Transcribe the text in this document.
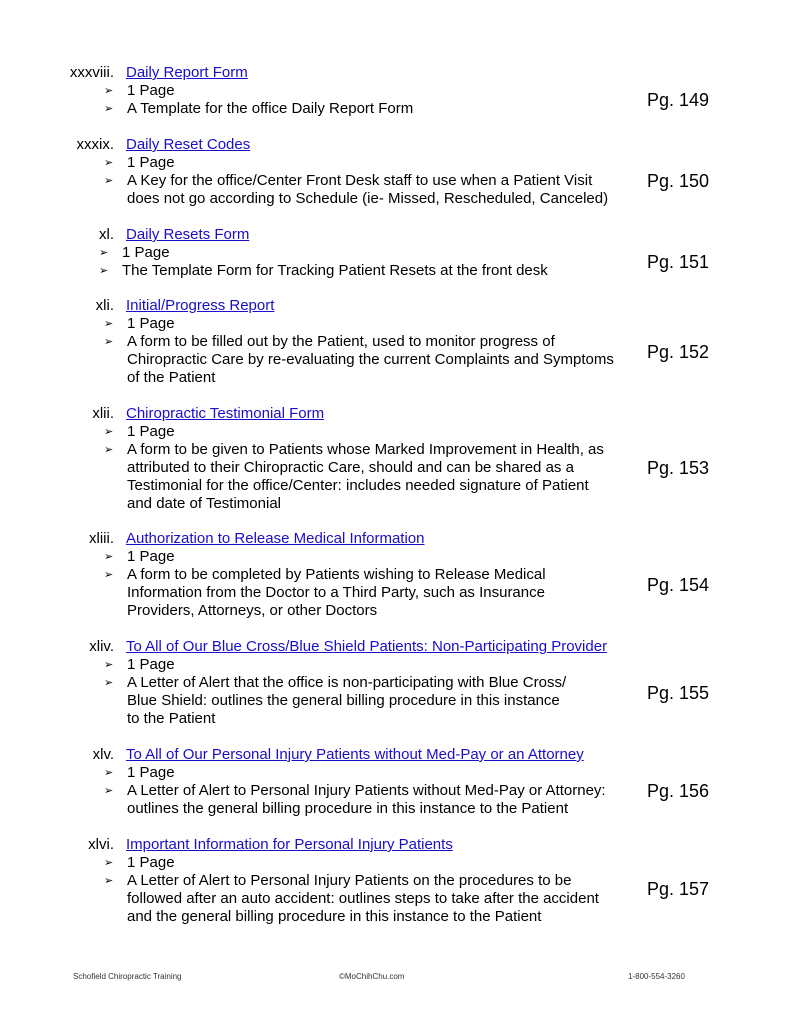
xxxviii. Daily Report Form
➢ 1 Page
➢ A Template for the office Daily Report Form	Pg. 149
xxxix. Daily Reset Codes
➢ 1 Page
➢ A Key for the office/Center Front Desk staff to use when a Patient Visit
does not go according to Schedule (ie- Missed, Rescheduled, Canceled)
Pg. 150
xl. Daily Resets Form
➢ 1 Page
➢ The Template Form for Tracking Patient Resets at the front desk	Pg. 151
xli. Initial/Progress Report
➢ 1 Page
➢ A form to be filled out by the Patient, used to monitor progress of
Chiropractic Care by re-evaluating the current Complaints and Symptoms
of the Patient
Pg. 152
xlii. Chiropractic Testimonial Form
➢ 1 Page
➢ A form to be given to Patients whose Marked Improvement in Health, as
attributed to their Chiropractic Care, should and can be shared as a
Testimonial for the office/Center: includes needed signature of Patient
and date of Testimonial
Pg. 153
xliii. Authorization to Release Medical Information
➢ 1 Page
➢ A form to be completed by Patients wishing to Release Medical
Information from the Doctor to a Third Party, such as Insurance
Providers, Attorneys, or other Doctors
Pg. 154
xliv. To All of Our Blue Cross/Blue Shield Patients: Non-Participating Provider
➢ 1 Page
➢ A Letter of Alert that the office is non-participating with Blue Cross/
Blue Shield: outlines the general billing procedure in this instance
to the Patient
Pg. 155
xlv. To All of Our Personal Injury Patients without Med-Pay or an Attorney
➢ 1 Page
➢ A Letter of Alert to Personal Injury Patients without Med-Pay or Attorney:
outlines the general billing procedure in this instance to the Patient
Pg. 156
xlvi. Important Information for Personal Injury Patients
➢ 1 Page
➢ A Letter of Alert to Personal Injury Patients on the procedures to be
followed after an auto accident: outlines steps to take after the accident
and the general billing procedure in this instance to the Patient
Pg. 157
Schofield Chiropractic Training	©MoChihChu.com	1-800-554-3260
